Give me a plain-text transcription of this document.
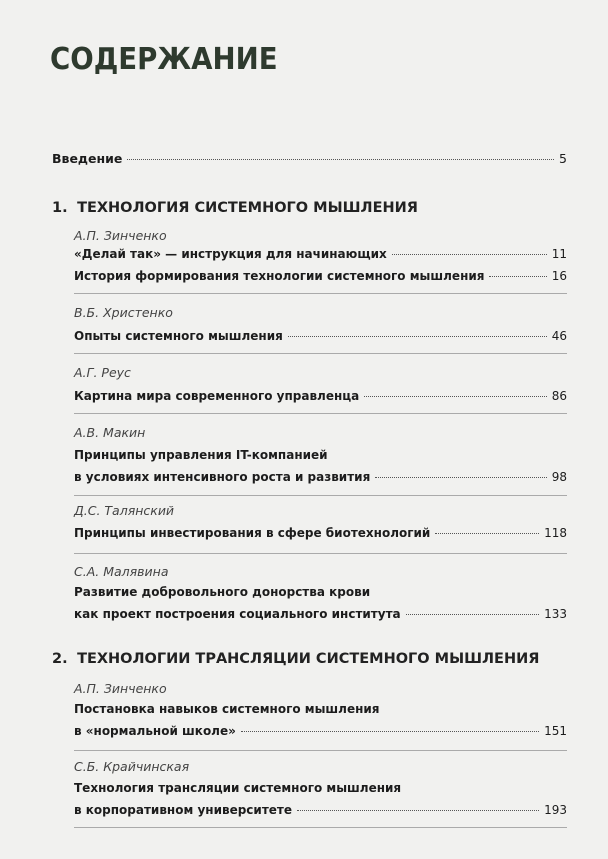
СОДЕРЖАНИЕ
Введение	5
1. ТЕХНОЛОГИЯ СИСТЕМНОГО МЫШЛЕНИЯ
А.П. Зинченко
«Делай так» — инструкция для начинающих	11
История формирования технологии системного мышления	16
В.Б. Христенко
Опыты системного мышления	46
А.Г. Реус
Картина мира современного управленца	86
А.В. Макин
Принципы управления IT-компанией
в условиях интенсивного роста и развития	98
Д.С. Талянский
Принципы инвестирования в сфере биотехнологий	118
С.А. Малявина
Развитие добровольного донорства крови
как проект построения социального института	133
2. ТЕХНОЛОГИИ ТРАНСЛЯЦИИ СИСТЕМНОГО МЫШЛЕНИЯ
А.П. Зинченко
Постановка навыков системного мышления
в «нормальной школе»	151
С.Б. Крайчинская
Технология трансляции системного мышления
в корпоративном университете	193
